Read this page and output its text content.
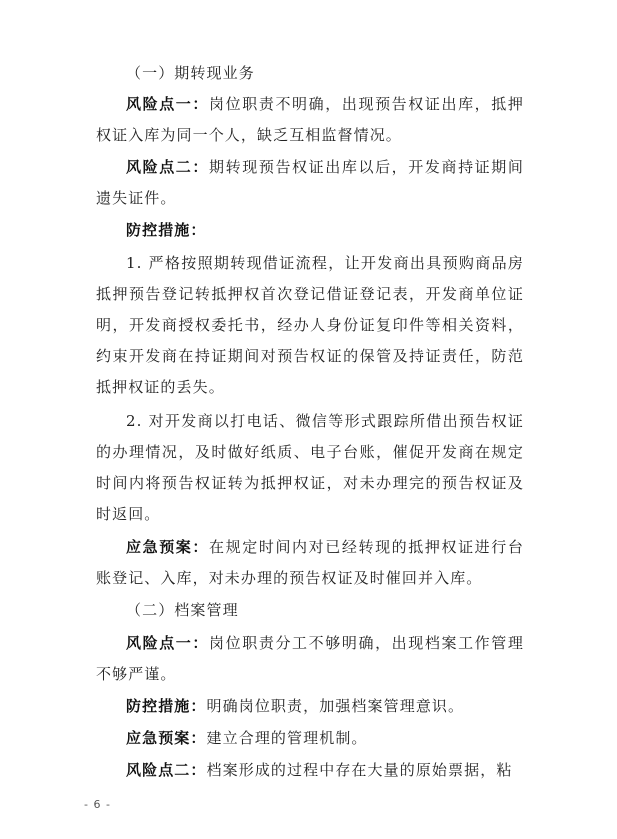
（一）期转现业务

风险点一：岗位职责不明确，出现预告权证出库，抵押权证入库为同一个人，缺乏互相监督情况。

风险点二：期转现预告权证出库以后，开发商持证期间遗失证件。

防控措施：

1. 严格按照期转现借证流程，让开发商出具预购商品房抵押预告登记转抵押权首次登记借证登记表，开发商单位证明，开发商授权委托书，经办人身份证复印件等相关资料，约束开发商在持证期间对预告权证的保管及持证责任，防范抵押权证的丢失。

2. 对开发商以打电话、微信等形式跟踪所借出预告权证的办理情况，及时做好纸质、电子台账，催促开发商在规定时间内将预告权证转为抵押权证，对未办理完的预告权证及时返回。

应急预案：在规定时间内对已经转现的抵押权证进行台账登记、入库，对未办理的预告权证及时催回并入库。

（二）档案管理

风险点一：岗位职责分工不够明确，出现档案工作管理不够严谨。

防控措施：明确岗位职责，加强档案管理意识。

应急预案：建立合理的管理机制。

风险点二：档案形成的过程中存在大量的原始票据，粘

- 6 -
